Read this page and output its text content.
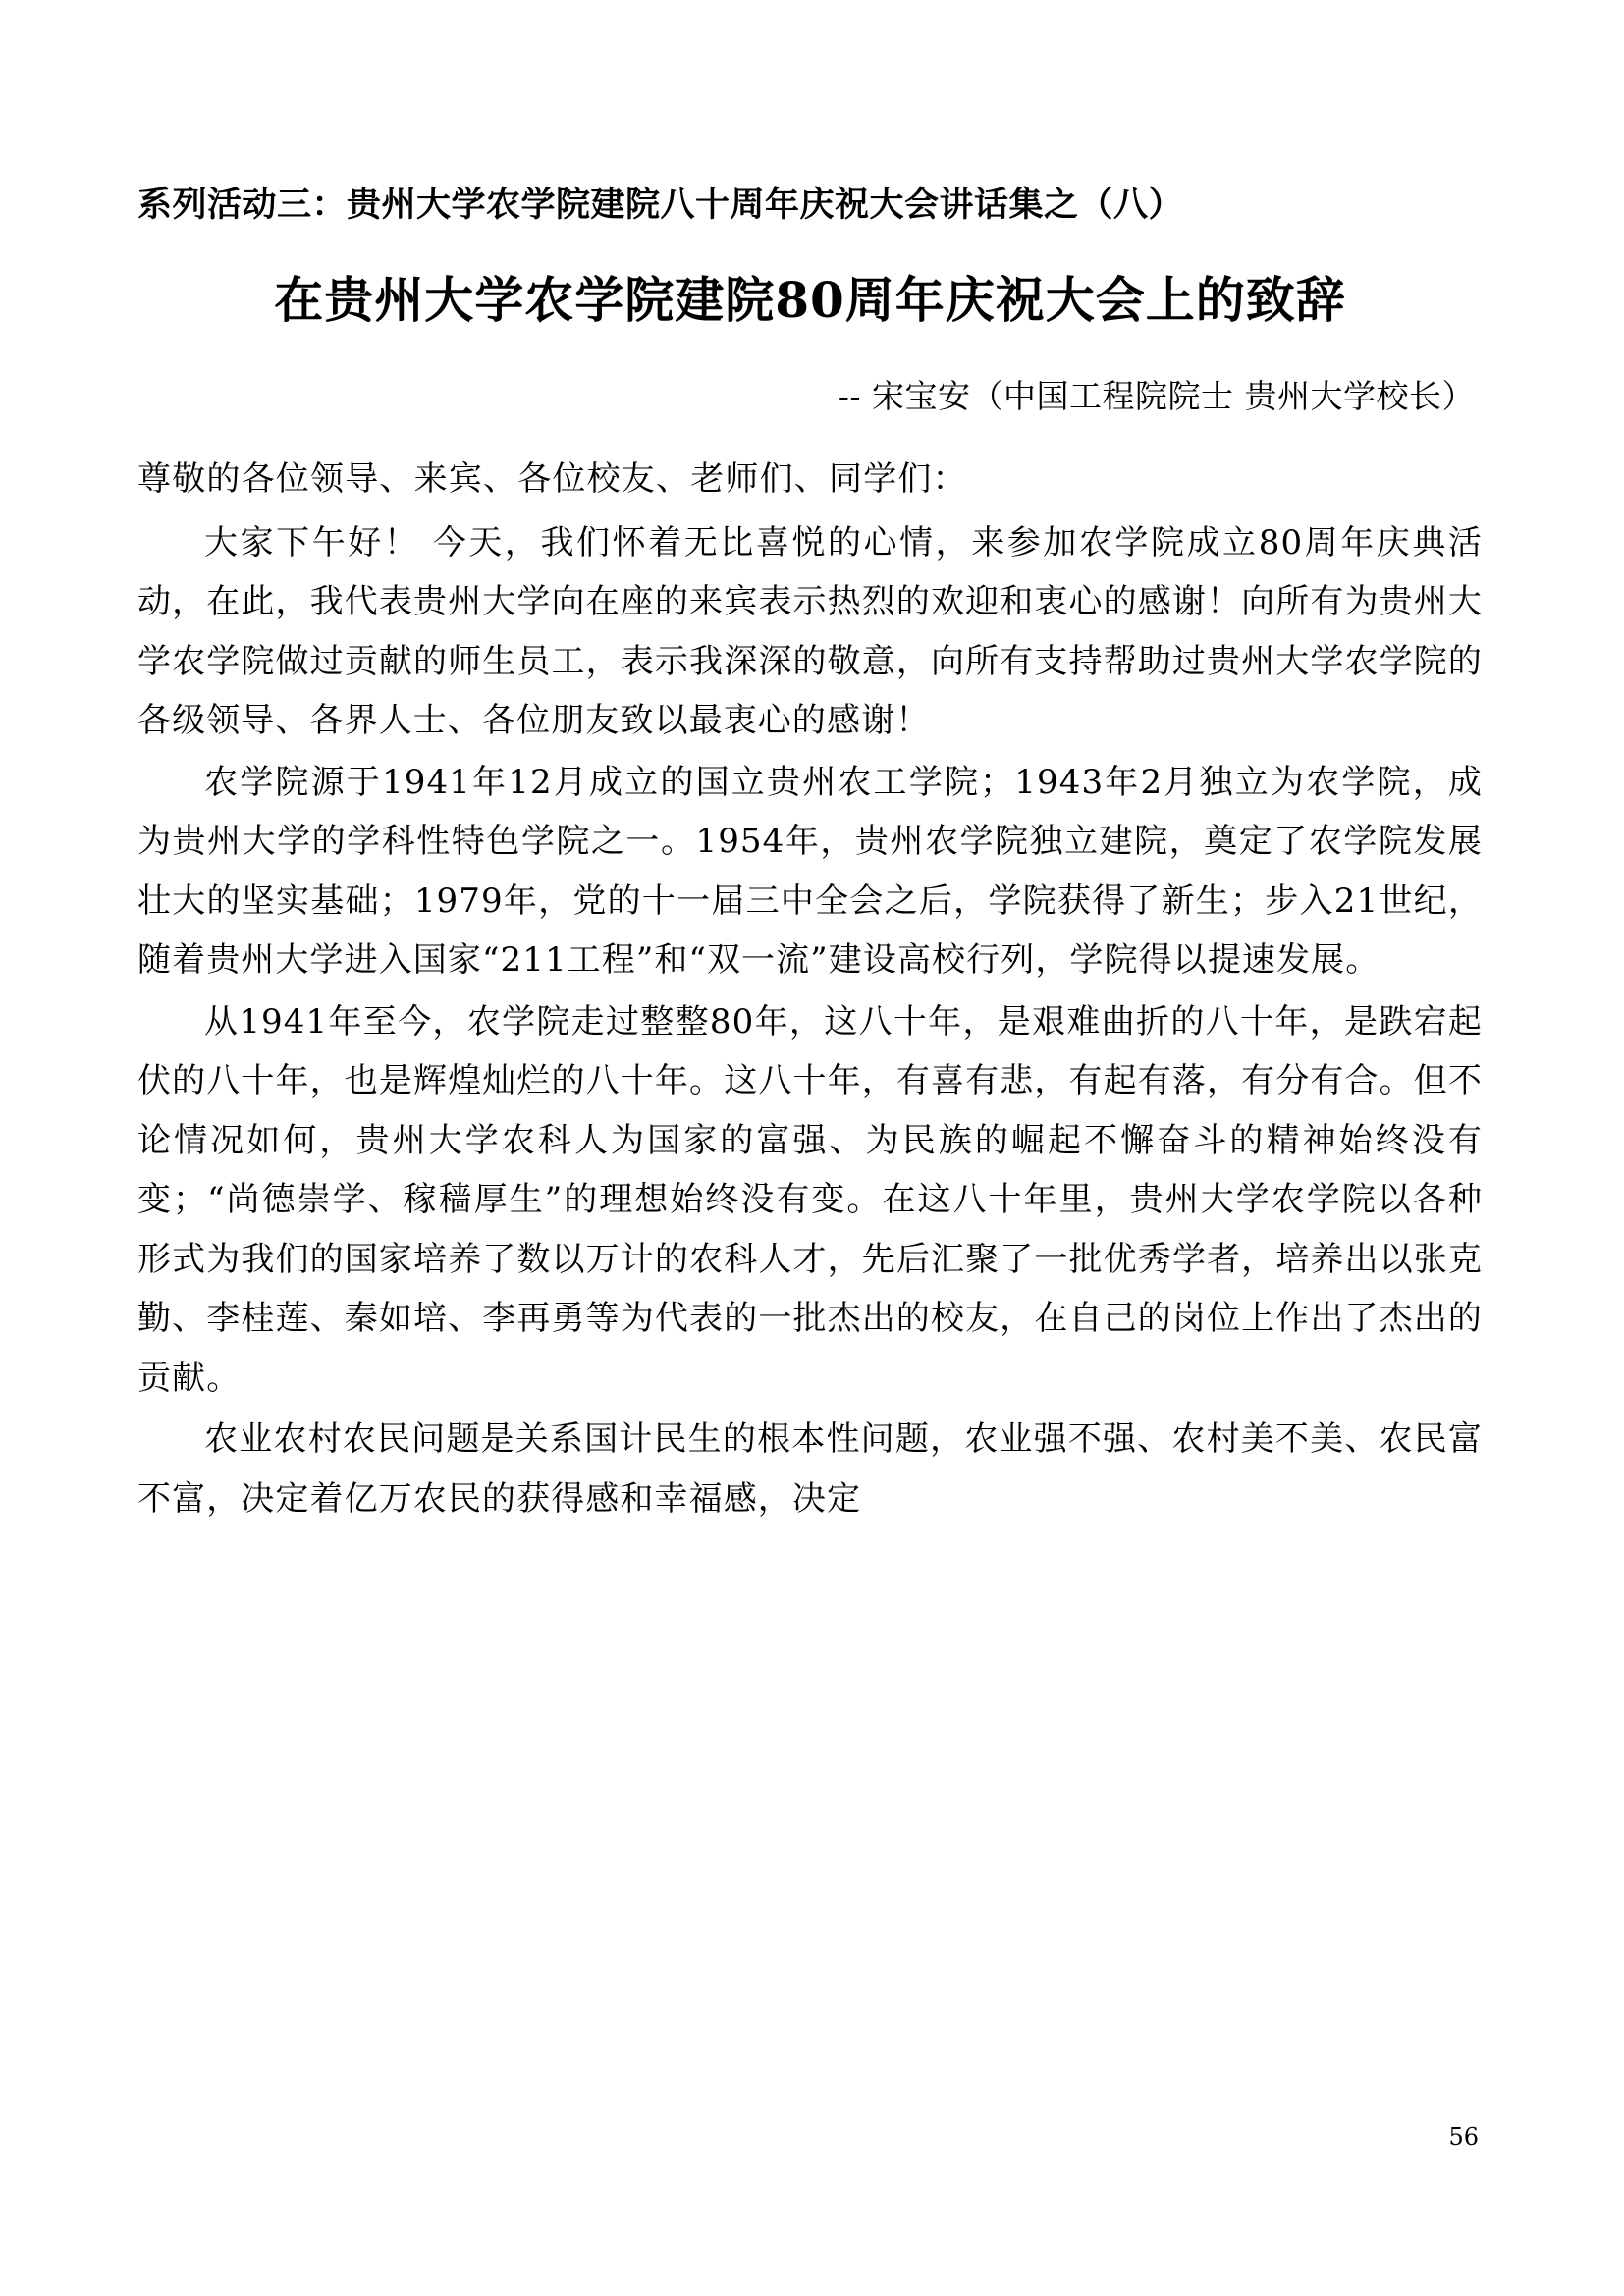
系列活动三：贵州大学农学院建院八十周年庆祝大会讲话集之（八）
在贵州大学农学院建院80周年庆祝大会上的致辞
-- 宋宝安（中国工程院院士 贵州大学校长）
尊敬的各位领导、来宾、各位校友、老师们、同学们：

大家下午好！ 今天，我们怀着无比喜悦的心情，来参加农学院成立80周年庆典活动，在此，我代表贵州大学向在座的来宾表示热烈的欢迎和衷心的感谢！向所有为贵州大学农学院做过贡献的师生员工，表示我深深的敬意，向所有支持帮助过贵州大学农学院的各级领导、各界人士、各位朋友致以最衷心的感谢！

农学院源于1941年12月成立的国立贵州农工学院；1943年2月独立为农学院，成为贵州大学的学科性特色学院之一。1954年，贵州农学院独立建院，奠定了农学院发展壮大的坚实基础；1979年，党的十一届三中全会之后，学院获得了新生；步入21世纪，随着贵州大学进入国家“211工程”和“双一流”建设高校行列，学院得以提速发展。

从1941年至今，农学院走过整整80年，这八十年，是艰难曲折的八十年，是跌宕起伏的八十年，也是辉煌灿烂的八十年。这八十年，有喜有悲，有起有落，有分有合。但不论情况如何，贵州大学农科人为国家的富强、为民族的崛起不懈奋斗的精神始终没有变；“尚德崇学、稼穑厚生”的理想始终没有变。在这八十年里，贵州大学农学院以各种形式为我们的国家培养了数以万计的农科人才，先后汇聚了一批优秀学者，培养出以张克勤、李桂莲、秦如培、李再勇等为代表的一批杰出的校友，在自己的岗位上作出了杰出的贡献。

农业农村农民问题是关系国计民生的根本性问题，农业强不强、农村美不美、农民富不富，决定着亿万农民的获得感和幸福感，决定

56
